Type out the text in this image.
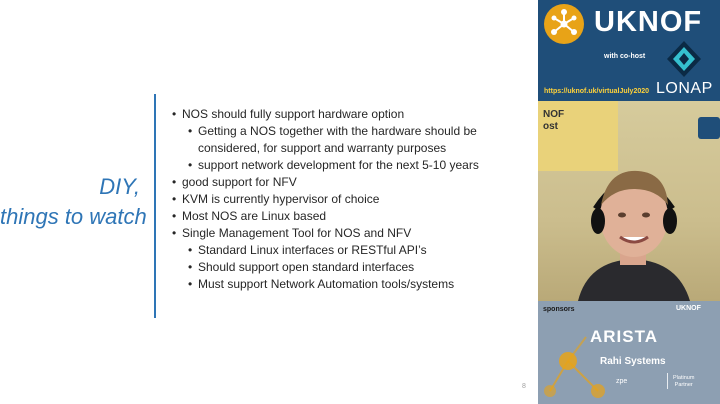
DIY,
things to watch
• NOS should fully support hardware option
• Getting a NOS together with the hardware should be considered, for support and warranty purposes
• support network development for the next 5-10 years
• good support for NFV
• KVM is currently hypervisor of choice
• Most NOS are Linux based
• Single Management Tool for NOS and NFV
• Standard Linux interfaces or RESTful API’s
• Should support open standard interfaces
• Must support Network Automation tools/systems
8
UKNOF
with co-host
LONAP
https://uknof.uk/virtualJuly2020
NOF
ost
sponsors	UKNOF
ARISTA
Rahi Systems
zpe	Platinum
Partner
